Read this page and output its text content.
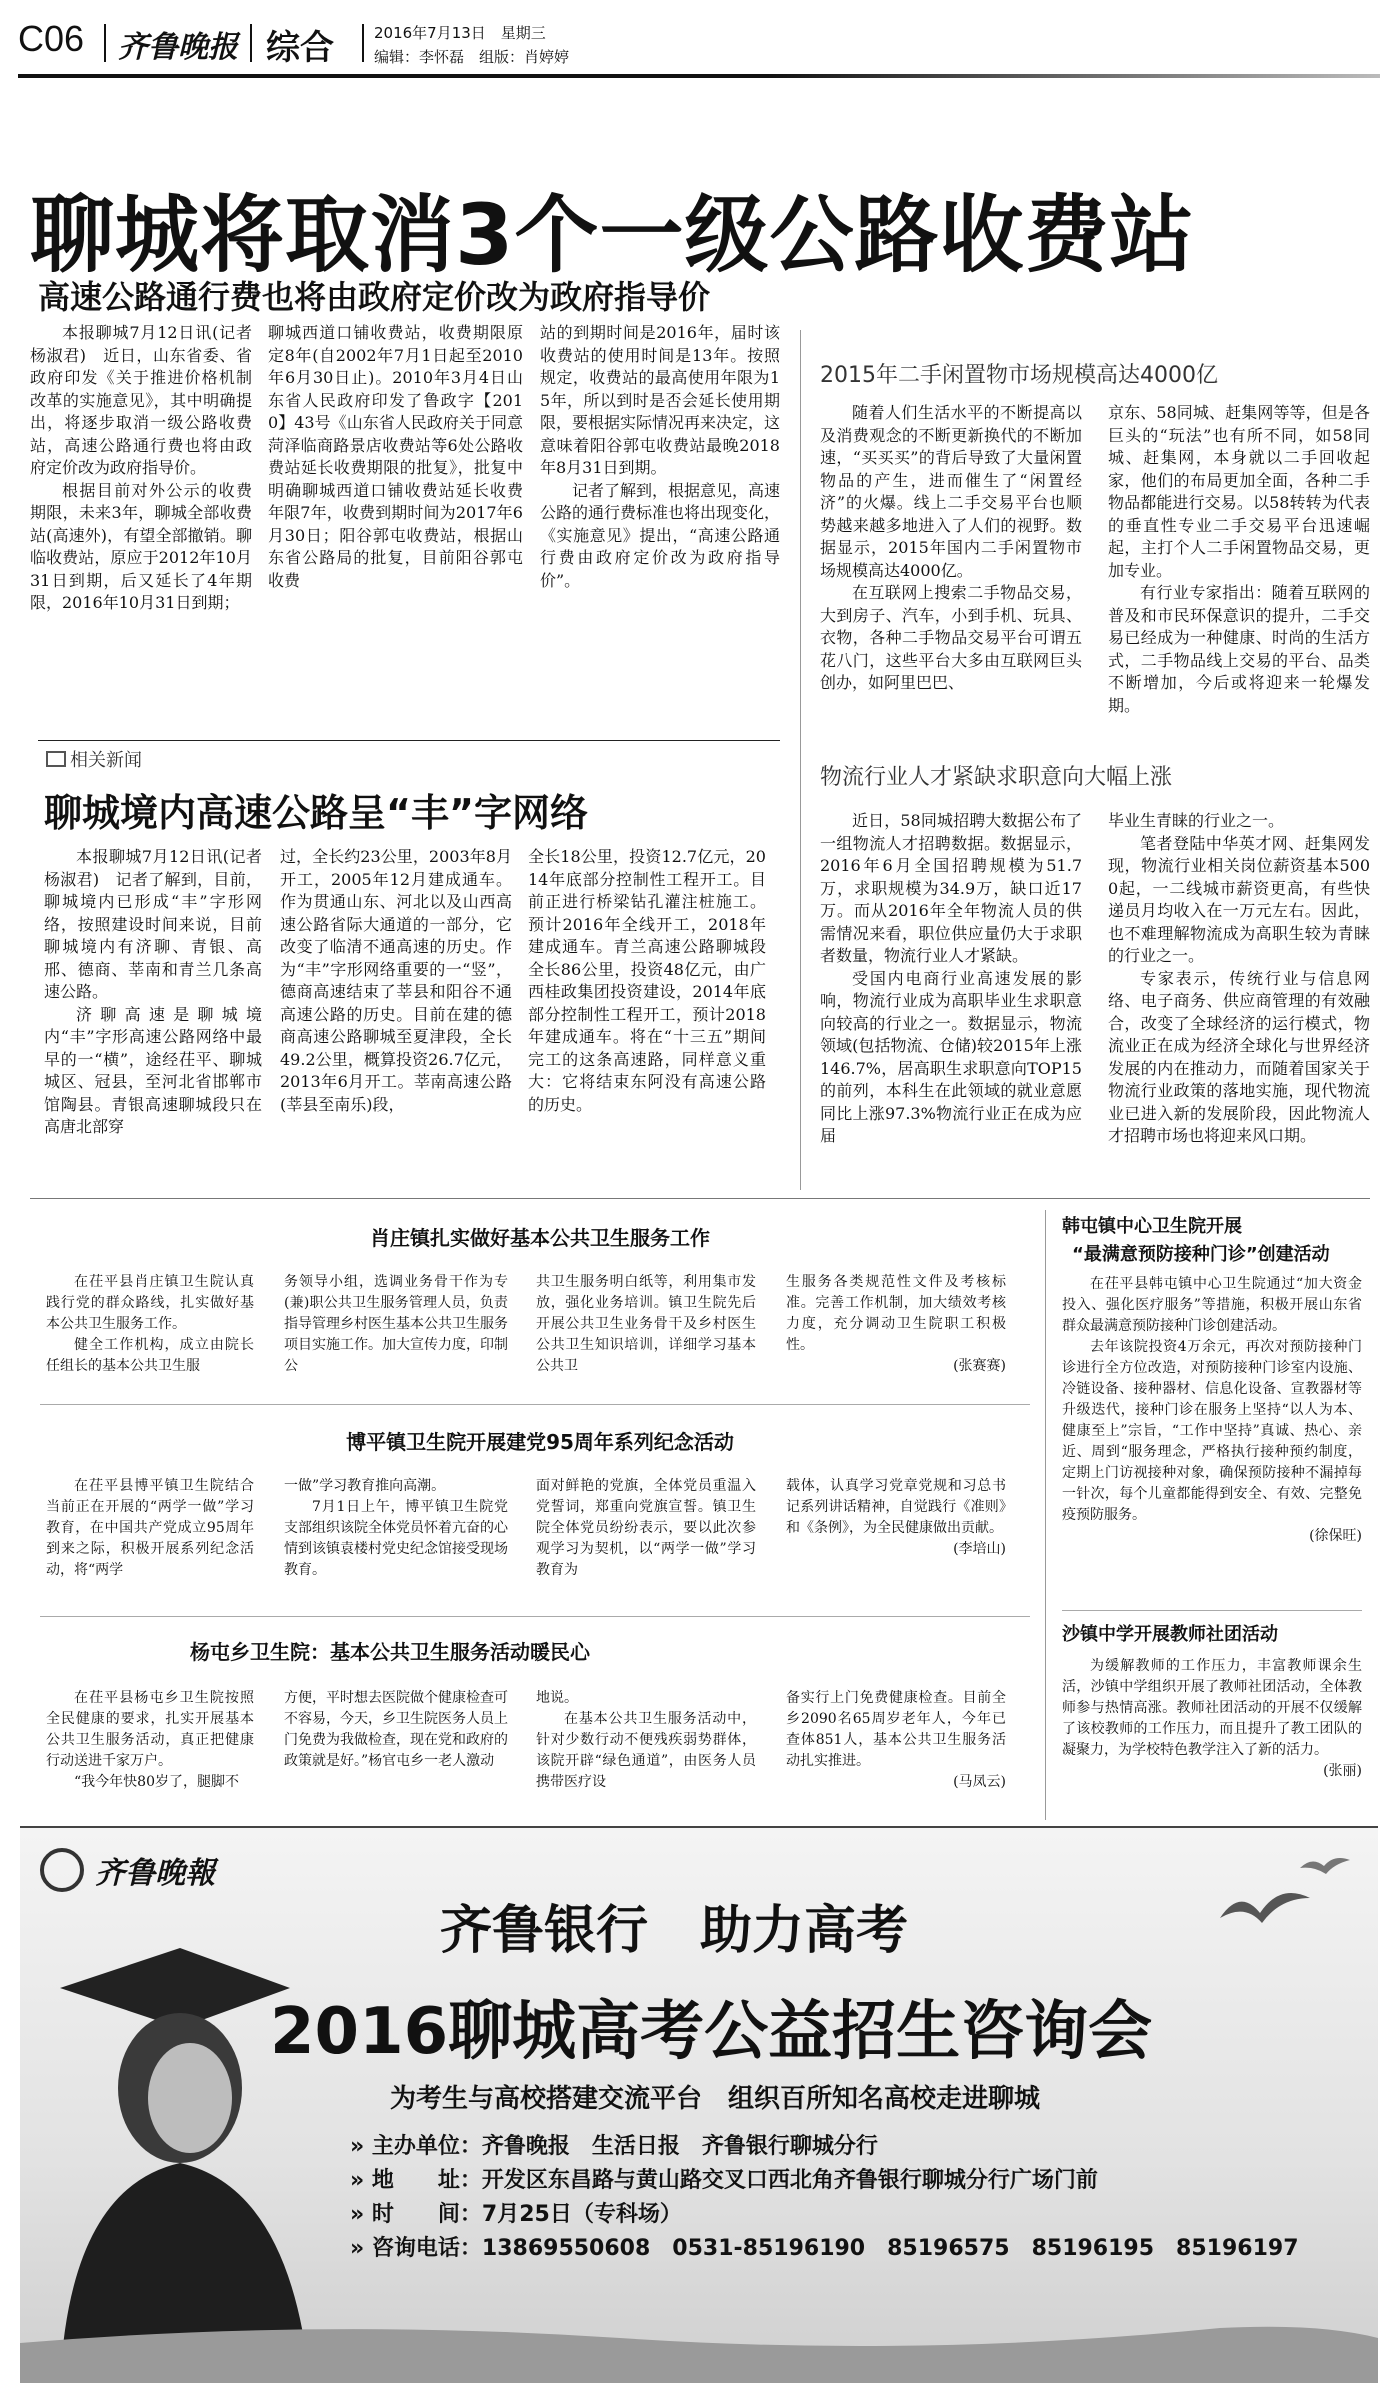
C06 齐鲁晚报 综合	2016年7月13日　星期三
编辑：李怀磊　组版：肖婷婷
聊城将取消3个一级公路收费站
高速公路通行费也将由政府定价改为政府指导价

本报聊城7月12日讯(记者　杨淑君)　近日，山东省委、省政府印发《关于推进价格机制改革的实施意见》，其中明确提出，将逐步取消一级公路收费站，高速公路通行费也将由政府定价改为政府指导价。

根据目前对外公示的收费期限，未来3年，聊城全部收费站(高速外)，有望全部撤销。聊临收费站，原应于2012年10月31日到期，后又延长了4年期限，2016年10月31日到期；

聊城西道口铺收费站，收费期限原定8年(自2002年7月1日起至2010年6月30日止)。2010年3月4日山东省人民政府印发了鲁政字【2010】43号《山东省人民政府关于同意菏泽临商路景店收费站等6处公路收费站延长收费期限的批复》，批复中明确聊城西道口铺收费站延长收费年限7年，收费到期时间为2017年6月30日；阳谷郭屯收费站，根据山东省公路局的批复，目前阳谷郭屯收费

站的到期时间是2016年，届时该收费站的使用时间是13年。按照规定，收费站的最高使用年限为15年，所以到时是否会延长使用期限，要根据实际情况再来决定，这意味着阳谷郭屯收费站最晚2018年8月31日到期。

记者了解到，根据意见，高速公路的通行费标准也将出现变化，《实施意见》提出，“高速公路通行费由政府定价改为政府指导价”。

相关新闻
聊城境内高速公路呈“丰”字网络

本报聊城7月12日讯(记者　杨淑君)　记者了解到，目前，聊城境内已形成“丰”字形网络，按照建设时间来说，目前聊城境内有济聊、青银、高邢、德商、莘南和青兰几条高速公路。

济聊高速是聊城境内“丰”字形高速公路网络中最早的一“横”，途经茌平、聊城城区、冠县，至河北省邯郸市馆陶县。青银高速聊城段只在高唐北部穿

过，全长约23公里，2003年8月开工，2005年12月建成通车。作为贯通山东、河北以及山西高速公路省际大通道的一部分，它改变了临清不通高速的历史。作为“丰”字形网络重要的一“竖”，德商高速结束了莘县和阳谷不通高速公路的历史。目前在建的德商高速公路聊城至夏津段，全长49.2公里，概算投资26.7亿元，2013年6月开工。莘南高速公路(莘县至南乐)段，

全长18公里，投资12.7亿元，2014年底部分控制性工程开工。目前正进行桥梁钻孔灌注桩施工。预计2016年全线开工，2018年建成通车。青兰高速公路聊城段全长86公里，投资48亿元，由广西桂政集团投资建设，2014年底部分控制性工程开工，预计2018年建成通车。将在“十三五”期间完工的这条高速路，同样意义重大：它将结束东阿没有高速公路的历史。

2015年二手闲置物市场规模高达4000亿

随着人们生活水平的不断提高以及消费观念的不断更新换代的不断加速，“买买买”的背后导致了大量闲置物品的产生，进而催生了“闲置经济”的火爆。线上二手交易平台也顺势越来越多地进入了人们的视野。数据显示，2015年国内二手闲置物市场规模高达4000亿。

在互联网上搜索二手物品交易，大到房子、汽车，小到手机、玩具、衣物，各种二手物品交易平台可谓五花八门，这些平台大多由互联网巨头创办，如阿里巴巴、

京东、58同城、赶集网等等，但是各巨头的“玩法”也有所不同，如58同城、赶集网，本身就以二手回收起家，他们的布局更加全面，各种二手物品都能进行交易。以58转转为代表的垂直性专业二手交易平台迅速崛起，主打个人二手闲置物品交易，更加专业。

有行业专家指出：随着互联网的普及和市民环保意识的提升，二手交易已经成为一种健康、时尚的生活方式，二手物品线上交易的平台、品类不断增加，今后或将迎来一轮爆发期。

物流行业人才紧缺求职意向大幅上涨

近日，58同城招聘大数据公布了一组物流人才招聘数据。数据显示，2016年6月全国招聘规模为51.7万，求职规模为34.9万，缺口近17万。而从2016年全年物流人员的供需情况来看，职位供应量仍大于求职者数量，物流行业人才紧缺。

受国内电商行业高速发展的影响，物流行业成为高职毕业生求职意向较高的行业之一。数据显示，物流领域(包括物流、仓储)较2015年上涨146.7%，居高职生求职意向TOP15的前列，本科生在此领域的就业意愿同比上涨97.3%物流行业正在成为应届

毕业生青睐的行业之一。

笔者登陆中华英才网、赶集网发现，物流行业相关岗位薪资基本5000起，一二线城市薪资更高，有些快递员月均收入在一万元左右。因此，也不难理解物流成为高职生较为青睐的行业之一。

专家表示，传统行业与信息网络、电子商务、供应商管理的有效融合，改变了全球经济的运行模式，物流业正在成为经济全球化与世界经济发展的内在推动力，而随着国家关于物流行业政策的落地实施，现代物流业已进入新的发展阶段，因此物流人才招聘市场也将迎来风口期。

肖庄镇扎实做好基本公共卫生服务工作

在茌平县肖庄镇卫生院认真践行党的群众路线，扎实做好基本公共卫生服务工作。

健全工作机构，成立由院长任组长的基本公共卫生服

务领导小组，选调业务骨干作为专(兼)职公共卫生服务管理人员，负责指导管理乡村医生基本公共卫生服务项目实施工作。加大宣传力度，印制公

共卫生服务明白纸等，利用集市发放，强化业务培训。镇卫生院先后开展公共卫生业务骨干及乡村医生公共卫生知识培训，详细学习基本公共卫

生服务各类规范性文件及考核标准。完善工作机制，加大绩效考核力度，充分调动卫生院职工积极性。

(张赛赛)
博平镇卫生院开展建党95周年系列纪念活动

在茌平县博平镇卫生院结合当前正在开展的“两学一做”学习教育，在中国共产党成立95周年到来之际，积极开展系列纪念活动，将“两学

一做”学习教育推向高潮。

7月1日上午，博平镇卫生院党支部组织该院全体党员怀着亢奋的心情到该镇袁楼村党史纪念馆接受现场教育。

面对鲜艳的党旗，全体党员重温入党誓词，郑重向党旗宣誓。镇卫生院全体党员纷纷表示，要以此次参观学习为契机，以“两学一做”学习教育为

载体，认真学习党章党规和习总书记系列讲话精神，自觉践行《准则》和《条例》，为全民健康做出贡献。

(李培山)
杨屯乡卫生院：基本公共卫生服务活动暖民心

在茌平县杨屯乡卫生院按照全民健康的要求，扎实开展基本公共卫生服务活动，真正把健康行动送进千家万户。

“我今年快80岁了，腿脚不

方便，平时想去医院做个健康检查可不容易，今天，乡卫生院医务人员上门免费为我做检查，现在党和政府的政策就是好。”杨官屯乡一老人激动

地说。

在基本公共卫生服务活动中，针对少数行动不便残疾弱势群体，该院开辟“绿色通道”，由医务人员携带医疗设

备实行上门免费健康检查。目前全乡2090名65周岁老年人，今年已查体851人，基本公共卫生服务活动扎实推进。

(马凤云)
韩屯镇中心卫生院开展
“最满意预防接种门诊”创建活动

在茌平县韩屯镇中心卫生院通过“加大资金投入、强化医疗服务”等措施，积极开展山东省群众最满意预防接种门诊创建活动。

去年该院投资4万余元，再次对预防接种门诊进行全方位改造，对预防接种门诊室内设施、冷链设备、接种器材、信息化设备、宣教器材等升级迭代，接种门诊在服务上坚持“以人为本、健康至上”宗旨，“工作中坚持”真诚、热心、亲近、周到“服务理念，严格执行接种预约制度，定期上门访视接种对象，确保预防接种不漏掉每一针次，每个儿童都能得到安全、有效、完整免疫预防服务。

(徐保旺)
沙镇中学开展教师社团活动

为缓解教师的工作压力，丰富教师课余生活，沙镇中学组织开展了教师社团活动，全体教师参与热情高涨。教师社团活动的开展不仅缓解了该校教师的工作压力，而且提升了教工团队的凝聚力，为学校特色教学注入了新的活力。

(张丽)
齐鲁晚報
齐鲁银行　助力高考
2016聊城高考公益招生咨询会
为考生与高校搭建交流平台　组织百所知名高校走进聊城
» 主办单位：齐鲁晚报　生活日报　齐鲁银行聊城分行
» 地　　址：开发区东昌路与黄山路交叉口西北角齐鲁银行聊城分行广场门前
» 时　　间：7月25日（专科场）
» 咨询电话：13869550608　0531-85196190　85196575　85196195　85196197
